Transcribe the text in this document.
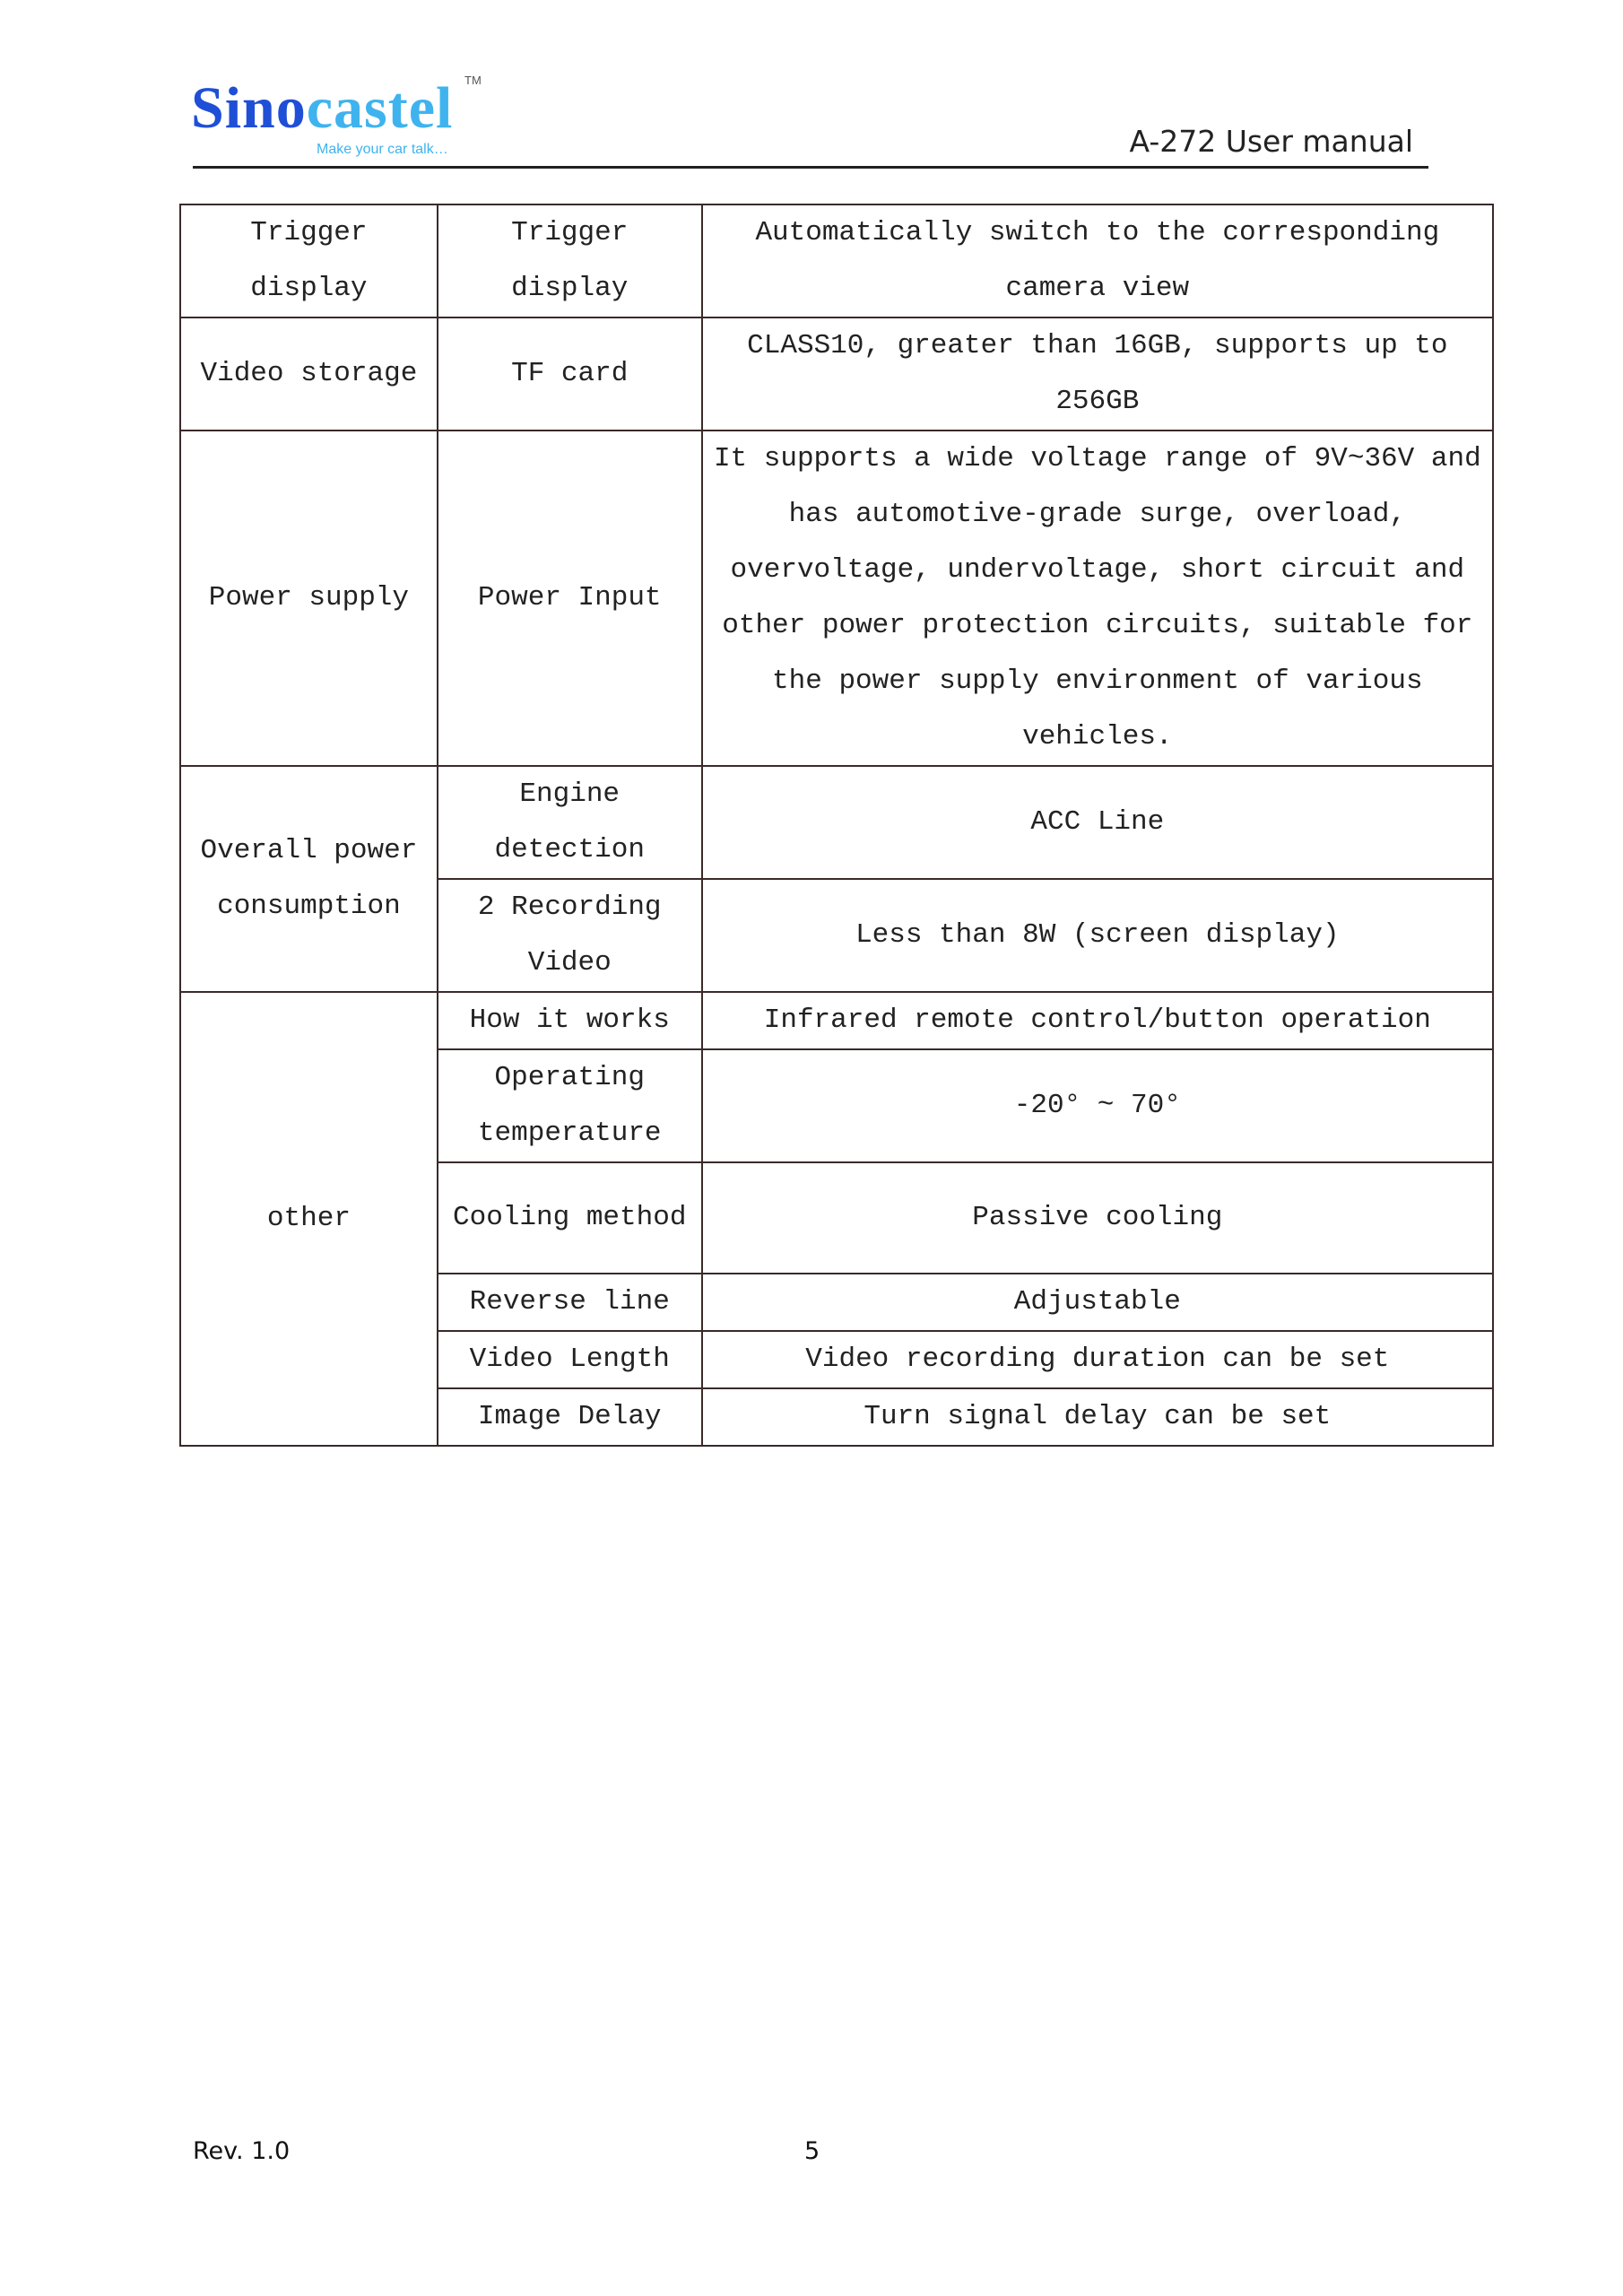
Sinocastel TM
Make your car talk…	A-272 User manual
Trigger display	Trigger display	Automatically switch to the corresponding camera view
Video storage	TF card	CLASS10, greater than 16GB, supports up to 256GB
Power supply	Power Input	It supports a wide voltage range of 9V~36V and has automotive-grade surge, overload, overvoltage, undervoltage, short circuit and other power protection circuits, suitable for the power supply environment of various vehicles.
Overall power consumption	Engine detection	ACC Line
	2 Recording Video	Less than 8W (screen display)
other	How it works	Infrared remote control/button operation
	Operating temperature	-20° ~ 70°
	Cooling method	Passive cooling
	Reverse line	Adjustable
	Video Length	Video recording duration can be set
	Image Delay	Turn signal delay can be set
Rev. 1.0	5
